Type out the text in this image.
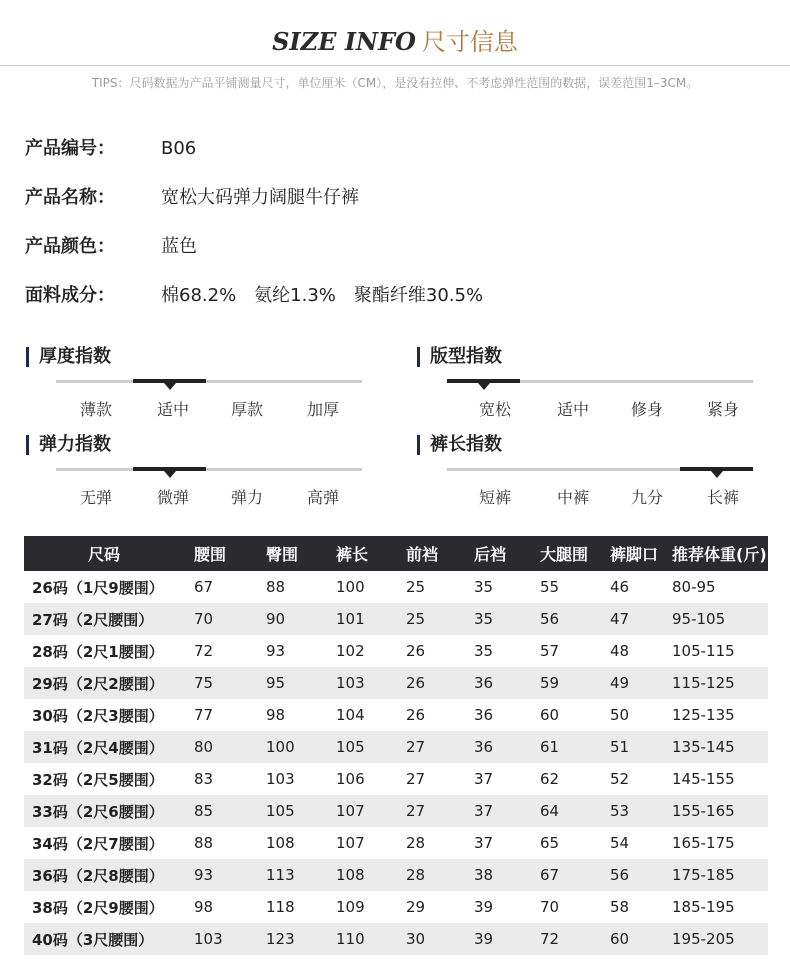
SIZE INFO 尺寸信息
TIPS：尺码数据为产品平铺测量尺寸，单位厘米（CM），是没有拉伸、不考虑弹性范围的数据，误差范围1–3CM。
产品编号：	B06
产品名称：	宽松大码弹力阔腿牛仔裤
产品颜色：	蓝色
面料成分：	棉68.2%　氨纶1.3%　聚酯纤维30.5%
厚度指数
薄款	适中	厚款	加厚
版型指数
宽松	适中	修身	紧身
弹力指数
无弹	微弹	弹力	高弹
裤长指数
短裤	中裤	九分	长裤
尺码	腰围	臀围	裤长	前裆	后裆	大腿围	裤脚口	推荐体重(斤)
26码（1尺9腰围）	67	88	100	25	35	55	46	80-95
27码（2尺腰围）	70	90	101	25	35	56	47	95-105
28码（2尺1腰围）	72	93	102	26	35	57	48	105-115
29码（2尺2腰围）	75	95	103	26	36	59	49	115-125
30码（2尺3腰围）	77	98	104	26	36	60	50	125-135
31码（2尺4腰围）	80	100	105	27	36	61	51	135-145
32码（2尺5腰围）	83	103	106	27	37	62	52	145-155
33码（2尺6腰围）	85	105	107	27	37	64	53	155-165
34码（2尺7腰围）	88	108	107	28	37	65	54	165-175
36码（2尺8腰围）	93	113	108	28	38	67	56	175-185
38码（2尺9腰围）	98	118	109	29	39	70	58	185-195
40码（3尺腰围）	103	123	110	30	39	72	60	195-205
